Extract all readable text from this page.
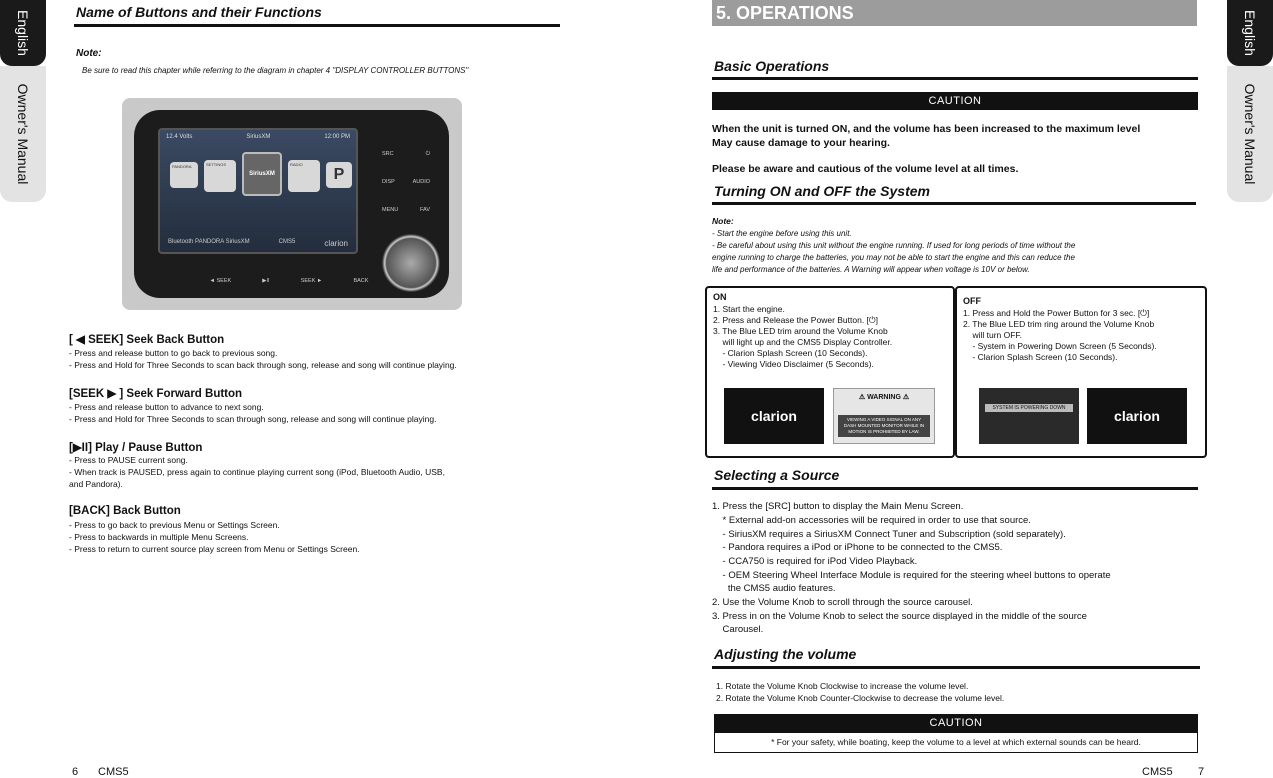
English
Owner's Manual
English
Owner's Manual
Name of Buttons and their Functions
Note:
Be sure to read this chapter while referring to the diagram in chapter 4 "DISPLAY CONTROLLER BUTTONS"
12.4 Volts	SiriusXM	12:00 PM
PANDORA	SETTINGS
SiriusXM
RADIO
P
Bluetooth PANDORA SiriusXM	CMS5	clarion
SRC	⏻
DISP	AUDIO
MENU	FAV
◄ SEEK	▶II	SEEK ►	BACK
[ ◀ SEEK] Seek Back Button
- Press and release button to go back to previous song.
- Press and Hold for Three Seconds to scan back through song, release and song will continue playing.
[SEEK ▶ ] Seek Forward Button
- Press and release button to advance to next song.
- Press and Hold for Three Seconds to scan through song, release and song will continue playing.
[▶II] Play / Pause Button
- Press to PAUSE current song.
- When track is PAUSED, press again to continue playing current song (iPod, Bluetooth Audio, USB,
and Pandora).
[BACK] Back Button
- Press to go back to previous Menu or Settings Screen.
- Press to backwards in multiple Menu Screens.
- Press to return to current source play screen from Menu or Settings Screen.
6 CMS5
5. OPERATIONS
Basic Operations
CAUTION
When the unit is turned ON, and the volume has been increased to the maximum level
May cause damage to your hearing.
Please be aware and cautious of the volume level at all times.
Turning ON and OFF the System
Note:
- Start the engine before using this unit.
- Be careful about using this unit without the engine running. If used for long periods of time without the
engine running to charge the batteries, you may not be able to start the engine and this can reduce the
life and performance of the batteries. A Warning will appear when voltage is 10V or below.
ON
1. Start the engine.
2. Press and Release the Power Button. [⏻]
3. The Blue LED trim around the Volume Knob
will light up and the CMS5 Display Controller.
- Clarion Splash Screen (10 Seconds).
- Viewing Video Disclaimer (5 Seconds).
clarion
⚠ WARNING ⚠
VIEWING A VIDEO SIGNAL ON ANY DASH MOUNTED MONITOR WHILE IN MOTION IS PROHIBITED BY LAW.
OFF
1. Press and Hold the Power Button for 3 sec. [⏻]
2. The Blue LED trim ring around the Volume Knob
will turn OFF.
- System in Powering Down Screen (5 Seconds).
- Clarion Splash Screen (10 Seconds).
SYSTEM IS POWERING DOWN	clarion
Selecting a Source
1. Press the [SRC] button to display the Main Menu Screen.
* External add-on accessories will be required in order to use that source.
- SiriusXM requires a SiriusXM Connect Tuner and Subscription (sold separately).
- Pandora requires a iPod or iPhone to be connected to the CMS5.
- CCA750 is required for iPod Video Playback.
- OEM Steering Wheel Interface Module is required for the steering wheel buttons to operate
the CMS5 audio features.
2. Use the Volume Knob to scroll through the source carousel.
3. Press in on the Volume Knob to select the source displayed in the middle of the source
Carousel.
Adjusting the volume
1. Rotate the Volume Knob Clockwise to increase the volume level.
2. Rotate the Volume Knob Counter-Clockwise to decrease the volume level.
CAUTION
* For your safety, while boating, keep the volume to a level at which external sounds can be heard.
CMS5 7
